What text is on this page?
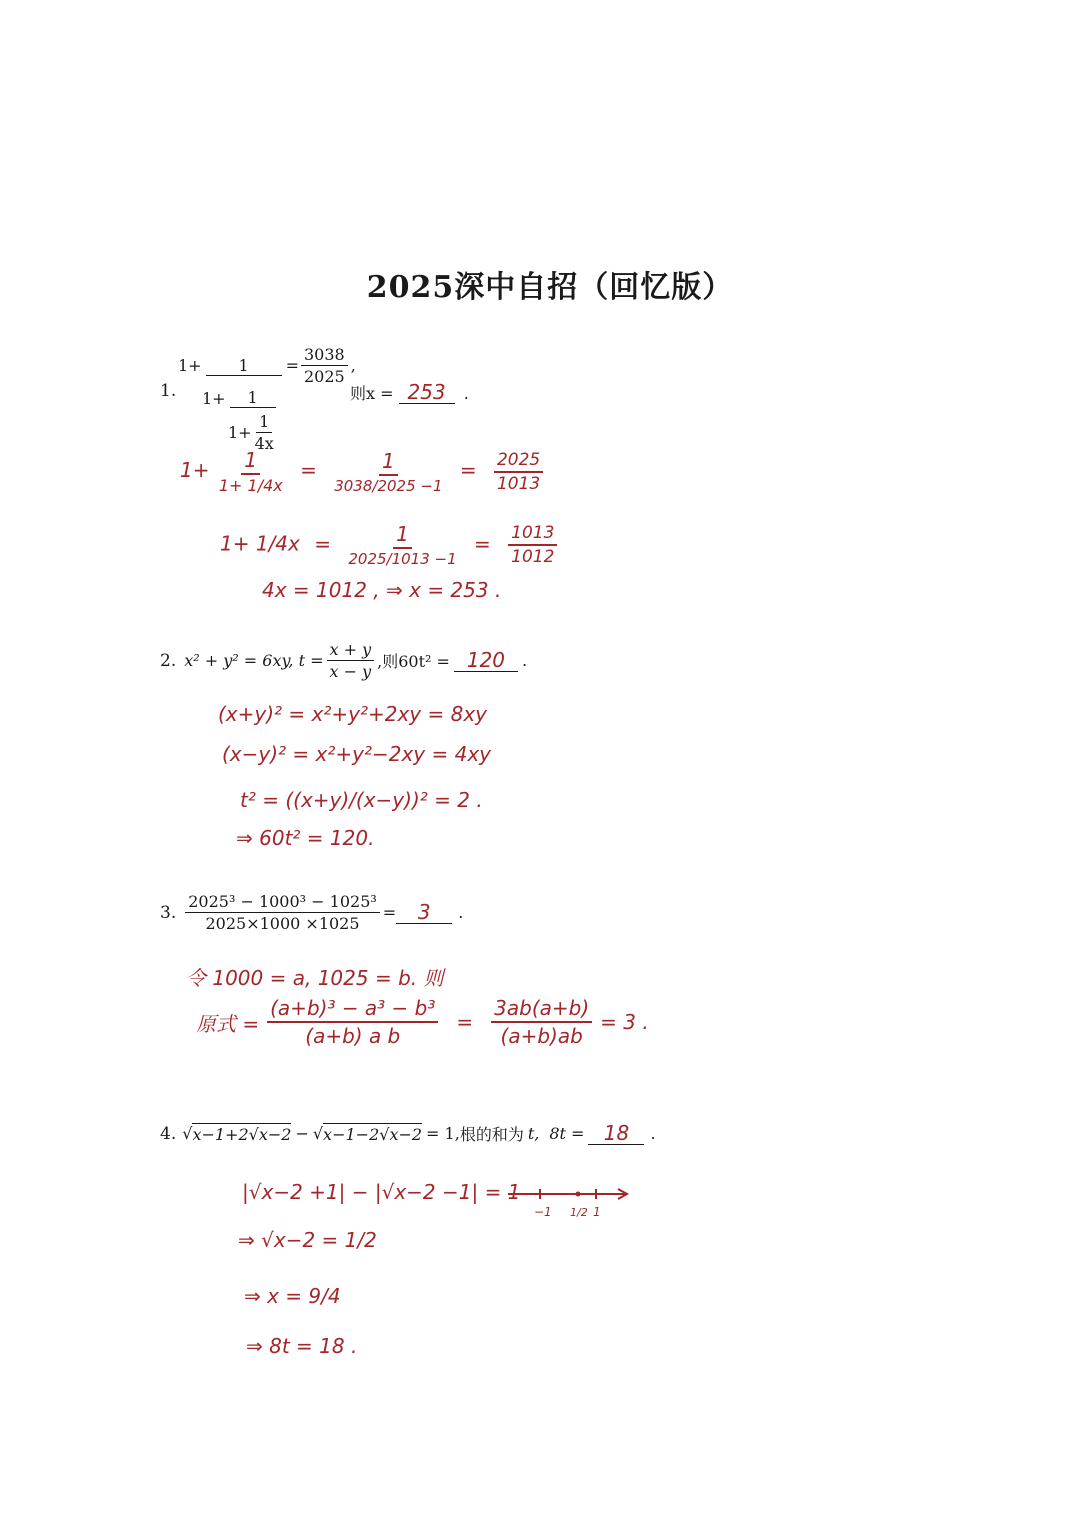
2025深中自招（回忆版）
1.
1+	1	= $\frac{3038}{2025}$ ,
1+	1
$1+ \frac{1}{4x}$
则x = 253 .
$1+ \frac{1}{1+ 1/4x} = \frac{1}{3038/2025 -1} = \frac{2025}{1013}$
$1+ 1/4x = \frac{1}{2025/1013 -1} = \frac{1013}{1012}$
4x = 1012 , ⇒ x = 253 .
2. x² + y² = 6xy, $t = \frac{x + y}{x - y}$ ,则60t² = 120	.
(x+y)² = x²+y²+2xy = 8xy
(x−y)² = x²+y²−2xy = 4xy
t² = ((x+y)/(x−y))² = 2 .
⇒ 60t² = 120.
3. $\frac{\text{2025³ − 1000³ − 1025³}}{2025\times 1000 \times 1025}$ =	3	.
令 1000 = a, 1025 = b. 则
原式 = $\frac{\text{(a+b)³ − a³ − b³}}{\text{(a+b) a b}} = \frac{3ab(a+b)}{(a+b)ab} = 3$ .
4. √ x−1+2√x−2 − √ x−1−2√x−2 = 1, 根的和为 t, 8t = 18	.
|√x−2 +1| − |√x−2 −1| = 1
⇒ √x−2 = 1/2
⇒ x = 9/4
⇒ 8t = 18 .
−1 1/2 1
